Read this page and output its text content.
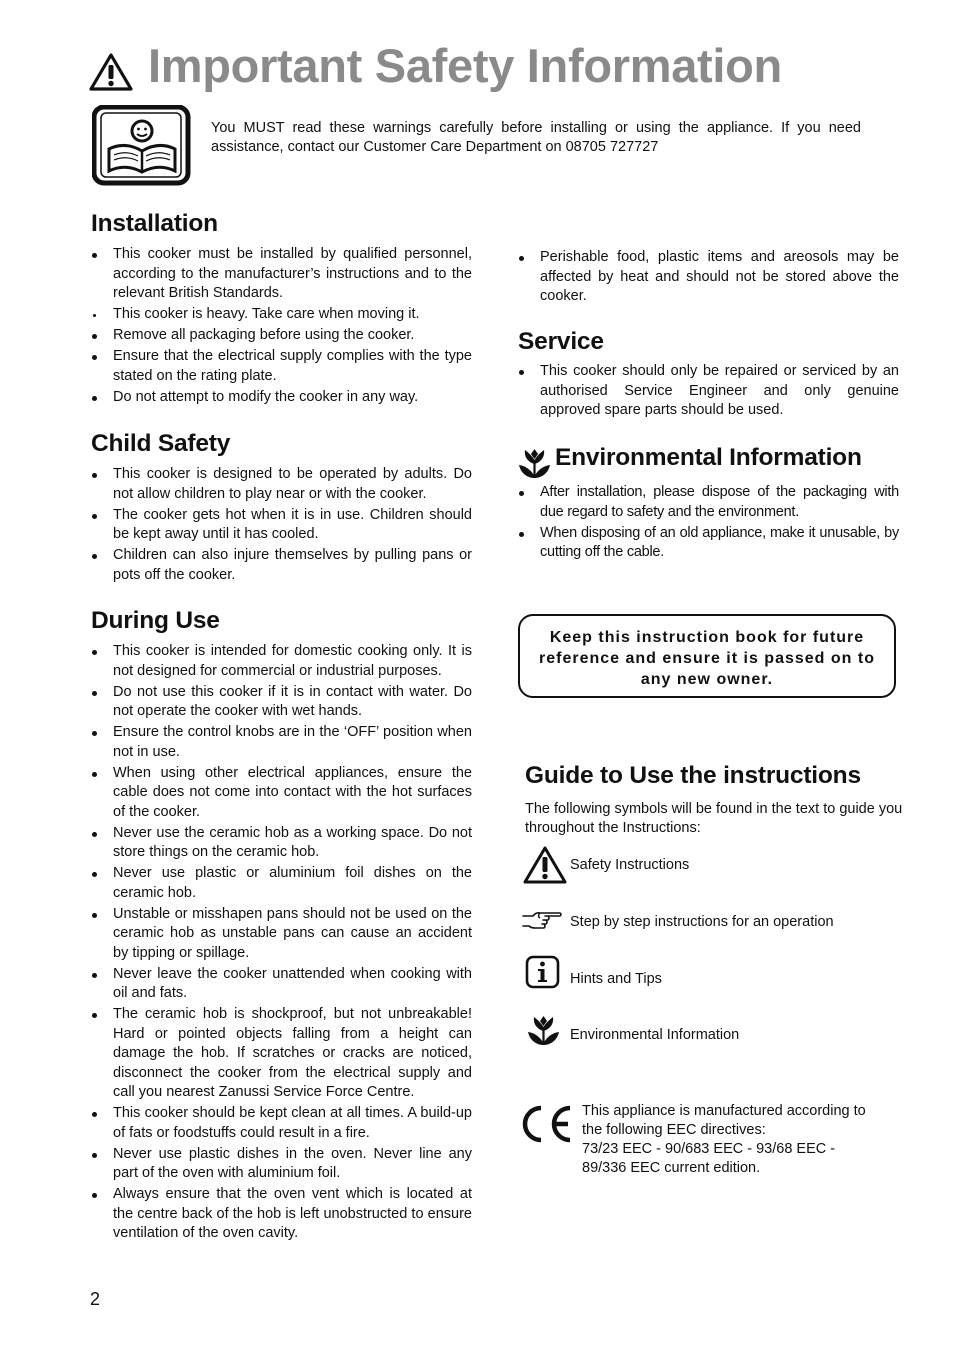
Important Safety Information
You MUST read these warnings carefully before installing or using the appliance. If you need assistance, contact our Customer Care Department on 08705 727727
Installation
This cooker must be installed by qualified personnel, according to the manufacturer’s instructions and to the relevant British Standards.
This cooker is heavy. Take care when moving it.
Remove all packaging before using the cooker.
Ensure that the electrical supply complies with the type stated on the rating plate.
Do not attempt to modify the cooker in any way.
Child Safety
This cooker is designed to be operated by adults. Do not allow children to play near or with the cooker.
The cooker gets hot when it is in use. Children should be kept away until it has cooled.
Children can also injure themselves by pulling pans or pots off the cooker.
During Use
This cooker is intended for domestic cooking only. It is not designed for commercial or industrial purposes.
Do not use this cooker if it is in contact with water. Do not operate the cooker with wet hands.
Ensure the control knobs are in the ‘OFF’ position when not in use.
When using other electrical appliances, ensure the cable does not come into contact with the hot surfaces of the cooker.
Never use the ceramic hob as a working space. Do not store things on the ceramic hob.
Never use plastic or aluminium foil dishes on the ceramic hob.
Unstable or misshapen pans should not be used on the ceramic hob as unstable pans can cause an accident by tipping or spillage.
Never leave the cooker unattended when cooking with oil and fats.
The ceramic hob is shockproof, but not unbreakable! Hard or pointed objects falling from a height can damage the hob. If scratches or cracks are noticed, disconnect the cooker from the electrical supply and call you nearest Zanussi Service Force Centre.
This cooker should be kept clean at all times. A build-up of fats or foodstuffs could result in a fire.
Never use plastic dishes in the oven. Never line any part of the oven with aluminium foil.
Always ensure that the oven vent which is located at the centre back of the hob is left unobstructed to ensure ventilation of the oven cavity.
Perishable food, plastic items and areosols may be affected by heat and should not be stored above the cooker.
Service
This cooker should only be repaired or serviced by an authorised Service Engineer and only genuine approved spare parts should be used.
Environmental Information
After installation, please dispose of the packaging with due regard to safety and the environment.
When disposing of an old appliance, make it unusable, by cutting off the cable.
Keep this instruction book for future reference and ensure it is passed on to any new owner.
Guide to Use the instructions
The following symbols will be found in the text to guide you throughout the Instructions:
Safety Instructions
Step by step instructions for an operation
Hints and Tips
Environmental Information
This appliance is manufactured according to
the following EEC directives:
73/23 EEC - 90/683 EEC - 93/68 EEC -
89/336 EEC current edition.
2
